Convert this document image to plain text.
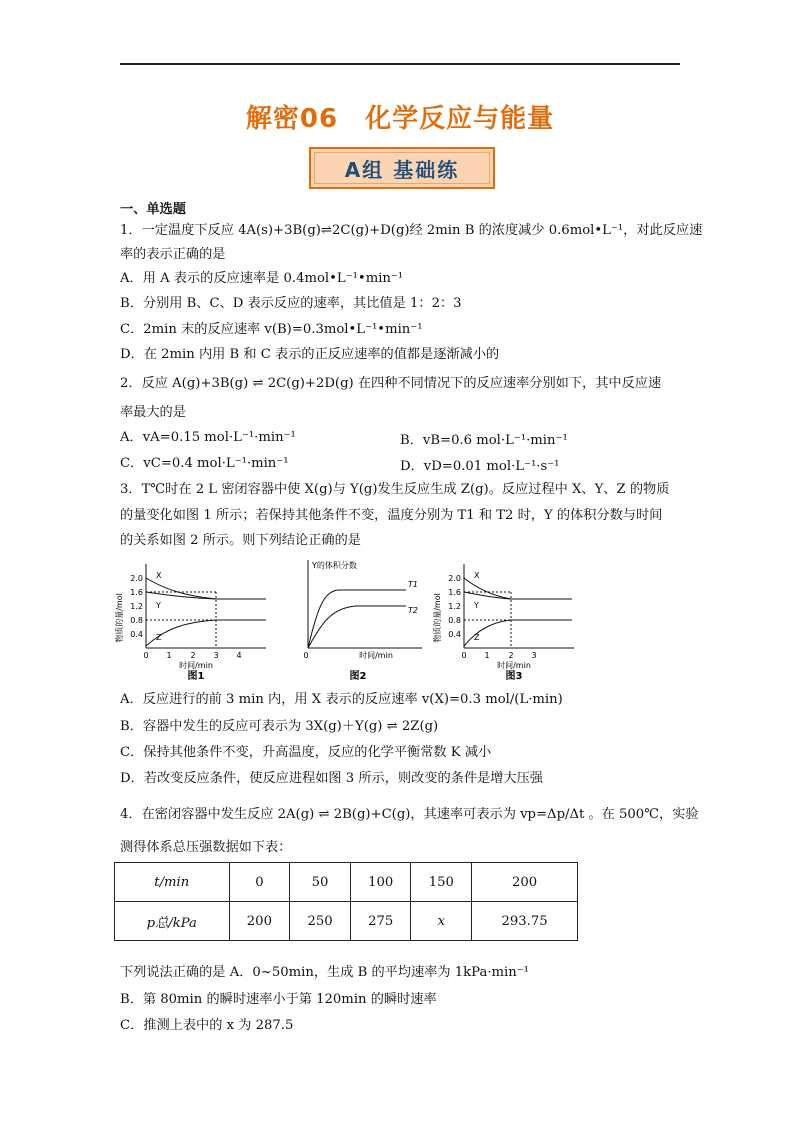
解密06　化学反应与能量
A组 基础练
一、单选题
1．一定温度下反应 4A(s)+3B(g)⇌2C(g)+D(g)经 2min B 的浓度减少 0.6mol•L⁻¹，对此反应速
率的表示正确的是
A．用 A 表示的反应速率是 0.4mol•L⁻¹•min⁻¹
B．分别用 B、C、D 表示反应的速率，其比值是 1：2：3
C．2min 末的反应速率 v(B)=0.3mol•L⁻¹•min⁻¹
D．在 2min 内用 B 和 C 表示的正反应速率的值都是逐渐减小的
2．反应 A(g)+3B(g) ⇌ 2C(g)+2D(g) 在四种不同情况下的反应速率分别如下，其中反应速
率最大的是
A．vA=0.15 mol·L⁻¹·min⁻¹	B．vB=0.6 mol·L⁻¹·min⁻¹
C．vC=0.4 mol·L⁻¹·min⁻¹	D．vD=0.01 mol·L⁻¹·s⁻¹
3．T℃时在 2 L 密闭容器中使 X(g)与 Y(g)发生反应生成 Z(g)。反应过程中 X、Y、Z 的物质
的量变化如图 1 所示；若保持其他条件不变，温度分别为 T1 和 T2 时，Y 的体积分数与时间
的关系如图 2 所示。则下列结论正确的是
物质的量/mol
2.0
1.6
1.2
0.8
0.4
X
Y
Z
0 1 2 3 4
时间/min
图1
Y的体积分数
T1
T2
0	时间/min
图2
物质的量/mol
2.0
1.6
1.2
0.8
0.4
X
Y
Z
0 1 2 3
时间/min
图3
A．反应进行的前 3 min 内，用 X 表示的反应速率 v(X)=0.3 mol/(L·min)
B．容器中发生的反应可表示为 3X(g)＋Y(g) ⇌ 2Z(g)
C．保持其他条件不变，升高温度，反应的化学平衡常数 K 减小
D．若改变反应条件，使反应进程如图 3 所示，则改变的条件是增大压强
4．在密闭容器中发生反应 2A(g) ⇌ 2B(g)+C(g)，其速率可表示为 vp=Δp/Δt 。在 500℃，实验
测得体系总压强数据如下表：
t/min	0	50	100	150	200
p总/kPa	200	250	275	x	293.75
下列说法正确的是 A．0~50min，生成 B 的平均速率为 1kPa·min⁻¹
B．第 80min 的瞬时速率小于第 120min 的瞬时速率
C．推测上表中的 x 为 287.5
